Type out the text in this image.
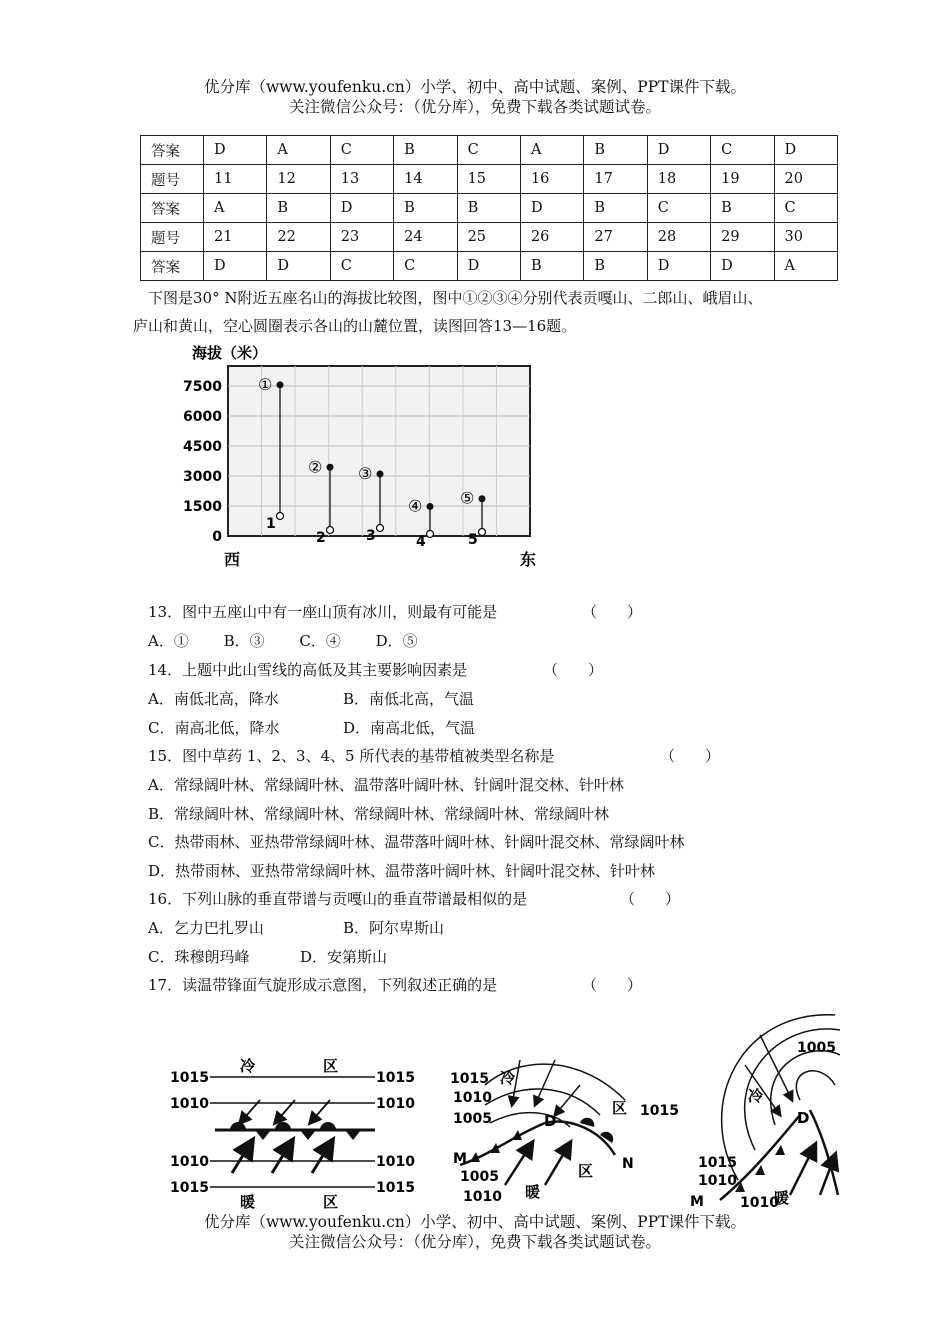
优分库（www.youfenku.cn）小学、初中、高中试题、案例、PPT课件下载。
关注微信公众号：（优分库），免费下载各类试题试卷。
答案	D	A	C	B	C	A	B	D	C	D
题号	11	12	13	14	15	16	17	18	19	20
答案	A	B	D	B	B	D	B	C	B	C
题号	21	22	23	24	25	26	27	28	29	30
答案	D	D	C	C	D	B	B	D	D	A
下图是30° N附近五座名山的海拔比较图，图中①②③④分别代表贡嘎山、二郎山、峨眉山、
庐山和黄山，空心圆圈表示各山的山麓位置，读图回答13—16题。
海拔（米）
7500
6000
4500
3000
1500
0
①
1
②
2
③
3
④
4
⑤
5
西	东
13．图中五座山中有一座山顶有冰川，则最有可能是	（　　）
A．①　　 B．③　　 C．④　　 D．⑤
14．上题中此山雪线的高低及其主要影响因素是	（　　）
A．南低北高，降水	B．南低北高，气温
C．南高北低，降水	D．南高北低，气温
15．图中草药 1、2、3、4、5 所代表的基带植被类型名称是	（　　）
A．常绿阔叶林、常绿阔叶林、温带落叶阔叶林、针阔叶混交林、针叶林
B．常绿阔叶林、常绿阔叶林、常绿阔叶林、常绿阔叶林、常绿阔叶林
C．热带雨林、亚热带常绿阔叶林、温带落叶阔叶林、针阔叶混交林、常绿阔叶林
D．热带雨林、亚热带常绿阔叶林、温带落叶阔叶林、针阔叶混交林、针叶林
16．下列山脉的垂直带谱与贡嘎山的垂直带谱最相似的是	（　　）
A．乞力巴扎罗山	B．阿尔卑斯山
C．珠穆朗玛峰	D．安第斯山
17．读温带锋面气旋形成示意图，下列叙述正确的是	（　　）
1015
1010
1010
1015
1015
1010
1010
1015
冷	区
暖	区
1015
1010
1005	1015
1005
1010
冷
区
D
M	N
暖
区
1005
D
冷
1015
1010
1010
M	暖
优分库（www.youfenku.cn）小学、初中、高中试题、案例、PPT课件下载。
关注微信公众号：（优分库），免费下载各类试题试卷。
